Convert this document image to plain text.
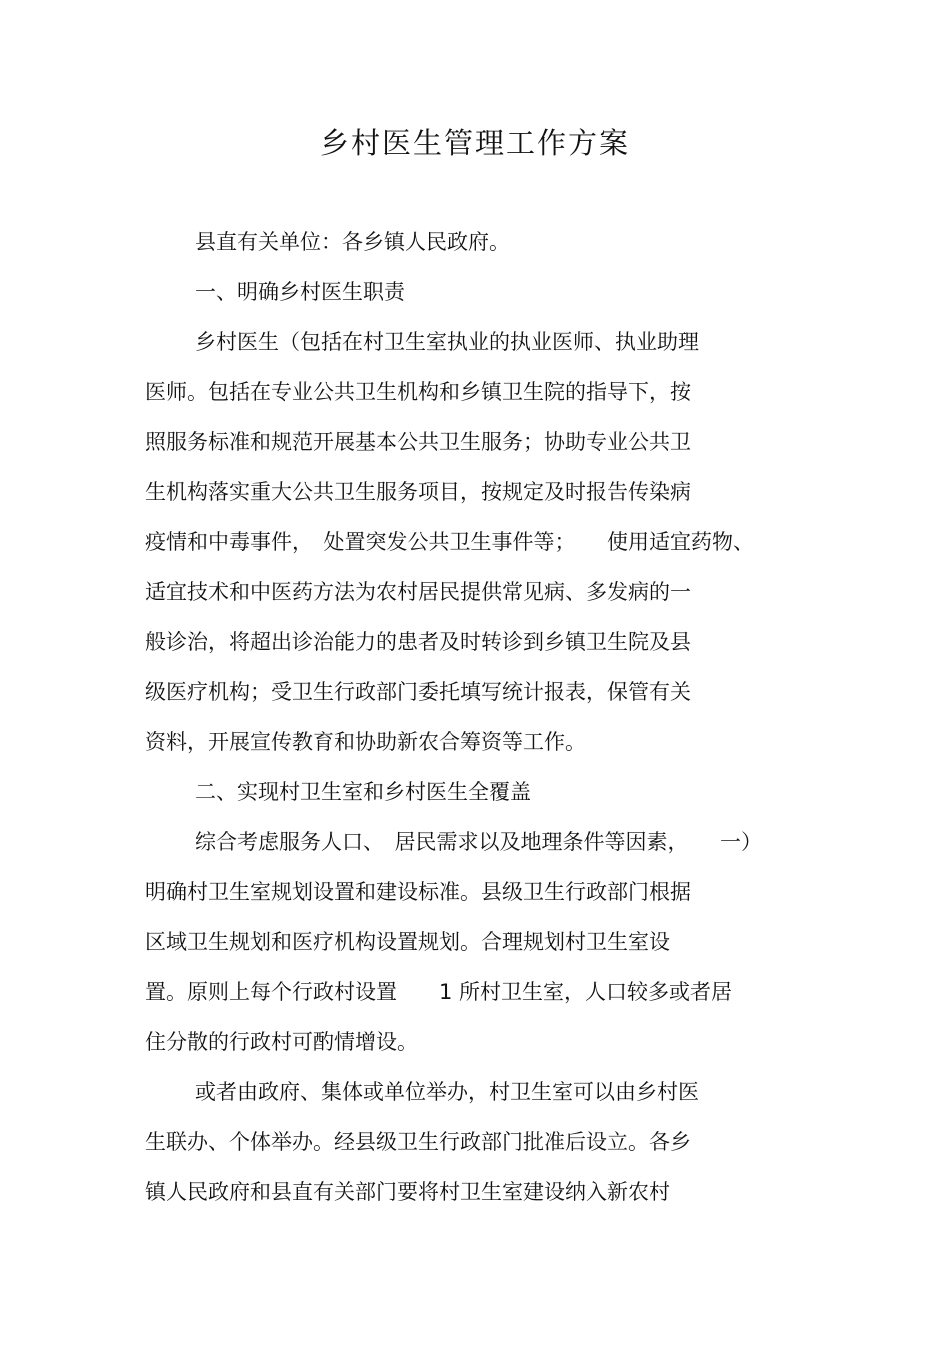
乡村医生管理工作方案
县直有关单位：各乡镇人民政府。
一、明确乡村医生职责
乡村医生（包括在村卫生室执业的执业医师、执业助理
医师。包括在专业公共卫生机构和乡镇卫生院的指导下，按
照服务标准和规范开展基本公共卫生服务；协助专业公共卫
生机构落实重大公共卫生服务项目，按规定及时报告传染病
疫情和中毒事件，　处置突发公共卫生事件等；　　使用适宜药物、
适宜技术和中医药方法为农村居民提供常见病、多发病的一
般诊治，将超出诊治能力的患者及时转诊到乡镇卫生院及县
级医疗机构；受卫生行政部门委托填写统计报表，保管有关
资料，开展宣传教育和协助新农合筹资等工作。
二、实现村卫生室和乡村医生全覆盖
综合考虑服务人口、　居民需求以及地理条件等因素，　　一）
明确村卫生室规划设置和建设标准。县级卫生行政部门根据
区域卫生规划和医疗机构设置规划。合理规划村卫生室设
置。原则上每个行政村设置　　1 所村卫生室，人口较多或者居
住分散的行政村可酌情增设。
或者由政府、集体或单位举办，村卫生室可以由乡村医
生联办、个体举办。经县级卫生行政部门批准后设立。各乡
镇人民政府和县直有关部门要将村卫生室建设纳入新农村
